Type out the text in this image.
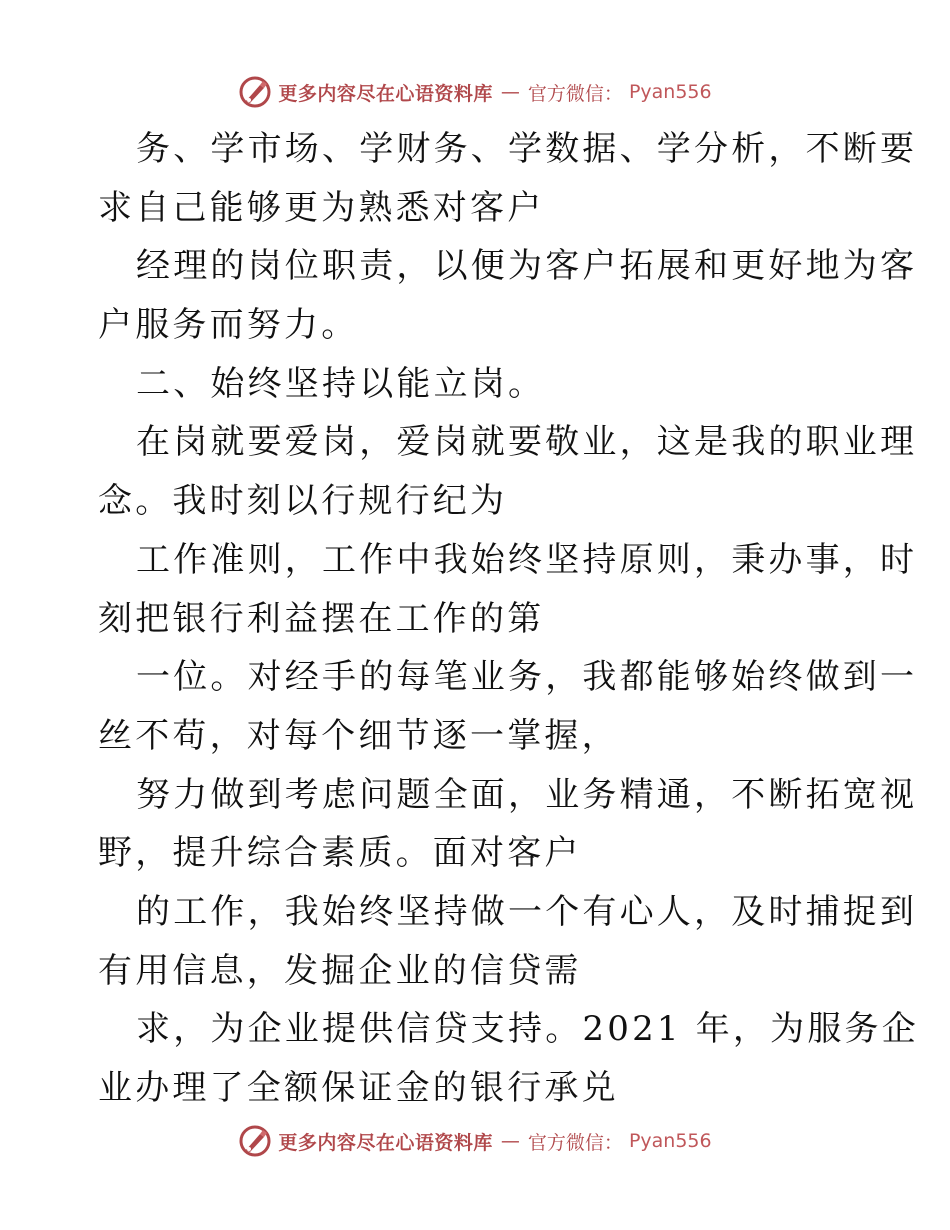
更多内容尽在心语资料库 — 官方微信： Pyan556
务、学市场、学财务、学数据、学分析，不断要
求自己能够更为熟悉对客户
经理的岗位职责，以便为客户拓展和更好地为客
户服务而努力。
二、始终坚持以能立岗。
在岗就要爱岗，爱岗就要敬业，这是我的职业理
念。我时刻以行规行纪为
工作准则，工作中我始终坚持原则，秉办事，时
刻把银行利益摆在工作的第
一位。对经手的每笔业务，我都能够始终做到一
丝不苟，对每个细节逐一掌握，
努力做到考虑问题全面，业务精通，不断拓宽视
野，提升综合素质。面对客户
的工作，我始终坚持做一个有心人，及时捕捉到
有用信息，发掘企业的信贷需
求，为企业提供信贷支持。2021 年，为服务企
业办理了全额保证金的银行承兑
更多内容尽在心语资料库 — 官方微信： Pyan556
